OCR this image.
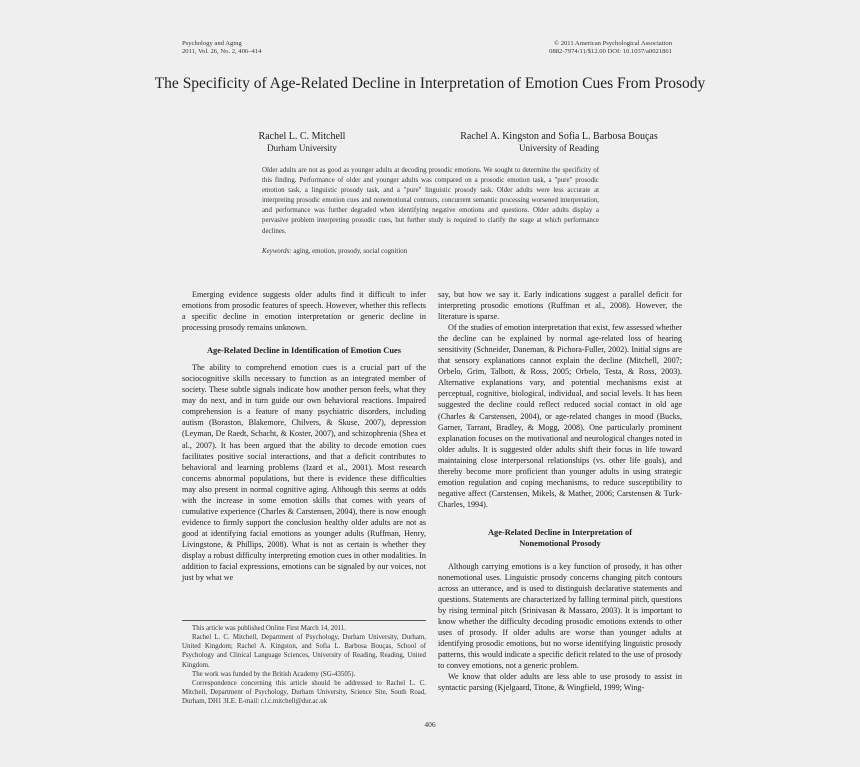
Psychology and Aging
2011, Vol. 26, No. 2, 406–414
© 2011 American Psychological Association
0882-7974/11/$12.00 DOI: 10.1037/a0021861
The Specificity of Age-Related Decline in Interpretation of Emotion Cues From Prosody
Rachel L. C. Mitchell
Durham University
Rachel A. Kingston and Sofia L. Barbosa Bouças
University of Reading

Older adults are not as good as younger adults at decoding prosodic emotions. We sought to determine the specificity of this finding. Performance of older and younger adults was compared on a prosodic emotion task, a "pure" prosodic emotion task, a linguistic prosody task, and a "pure" linguistic prosody task. Older adults were less accurate at interpreting prosodic emotion cues and nonemotional contours, concurrent semantic processing worsened interpretation, and performance was further degraded when identifying negative emotions and questions. Older adults display a pervasive problem interpreting prosodic cues, but further study is required to clarify the stage at which performance declines.

Keywords: aging, emotion, prosody, social cognition

Emerging evidence suggests older adults find it difficult to infer emotions from prosodic features of speech. However, whether this reflects a specific decline in emotion interpretation or generic decline in processing prosody remains unknown.

Age-Related Decline in Identification of Emotion Cues

The ability to comprehend emotion cues is a crucial part of the sociocognitive skills necessary to function as an integrated member of society. These subtle signals indicate how another person feels, what they may do next, and in turn guide our own behavioral reactions. Impaired comprehension is a feature of many psychiatric disorders, including autism (Boraston, Blakemore, Chilvers, & Skuse, 2007), depression (Leyman, De Raedt, Schacht, & Koster, 2007), and schizophrenia (Shea et al., 2007). It has been argued that the ability to decode emotion cues facilitates positive social interactions, and that a deficit contributes to behavioral and learning problems (Izard et al., 2001). Most research concerns abnormal populations, but there is evidence these difficulties may also present in normal cognitive aging. Although this seems at odds with the increase in some emotion skills that comes with years of cumulative experience (Charles & Carstensen, 2004), there is now enough evidence to firmly support the conclusion healthy older adults are not as good at identifying facial emotions as younger adults (Ruffman, Henry, Livingstone, & Phillips, 2008). What is not as certain is whether they display a robust difficulty interpreting emotion cues in other modalities. In addition to facial expressions, emotions can be signaled by our voices, not just by what we

This article was published Online First March 14, 2011.

Rachel L. C. Mitchell, Department of Psychology, Durham University, Durham, United Kingdom; Rachel A. Kingston, and Sofia L. Barbosa Bouças, School of Psychology and Clinical Language Sciences, University of Reading, Reading, United Kingdom.

The work was funded by the British Academy (SG-43505).

Correspondence concerning this article should be addressed to Rachel L. C. Mitchell, Department of Psychology, Durham University, Science Site, South Road, Durham, DH1 3LE. E-mail: r.l.c.mitchell@dur.ac.uk

say, but how we say it. Early indications suggest a parallel deficit for interpreting prosodic emotions (Ruffman et al., 2008). However, the literature is sparse.

Of the studies of emotion interpretation that exist, few assessed whether the decline can be explained by normal age-related loss of hearing sensitivity (Schneider, Daneman, & Pichora-Fuller, 2002). Initial signs are that sensory explanations cannot explain the decline (Mitchell, 2007; Orbelo, Grim, Talbott, & Ross, 2005; Orbelo, Testa, & Ross, 2003). Alternative explanations vary, and potential mechanisms exist at perceptual, cognitive, biological, individual, and social levels. It has been suggested the decline could reflect reduced social contact in old age (Charles & Carstensen, 2004), or age-related changes in mood (Bucks, Garner, Tarrant, Bradley, & Mogg, 2008). One particularly prominent explanation focuses on the motivational and neurological changes noted in older adults. It is suggested older adults shift their focus in life toward maintaining close interpersonal relationships (vs. other life goals), and thereby become more proficient than younger adults in using strategic emotion regulation and coping mechanisms, to reduce susceptibility to negative affect (Carstensen, Mikels, & Mather, 2006; Carstensen & Turk-Charles, 1994).

Age-Related Decline in Interpretation of
Nonemotional Prosody

Although carrying emotions is a key function of prosody, it has other nonemotional uses. Linguistic prosody concerns changing pitch contours across an utterance, and is used to distinguish declarative statements and questions. Statements are characterized by falling terminal pitch, questions by rising terminal pitch (Srinivasan & Massaro, 2003). It is important to know whether the difficulty decoding prosodic emotions extends to other uses of prosody. If older adults are worse than younger adults at identifying prosodic emotions, but no worse identifying linguistic prosody patterns, this would indicate a specific deficit related to the use of prosody to convey emotions, not a generic problem.

We know that older adults are less able to use prosody to assist in syntactic parsing (Kjelgaard, Titone, & Wingfield, 1999; Wing-

406
